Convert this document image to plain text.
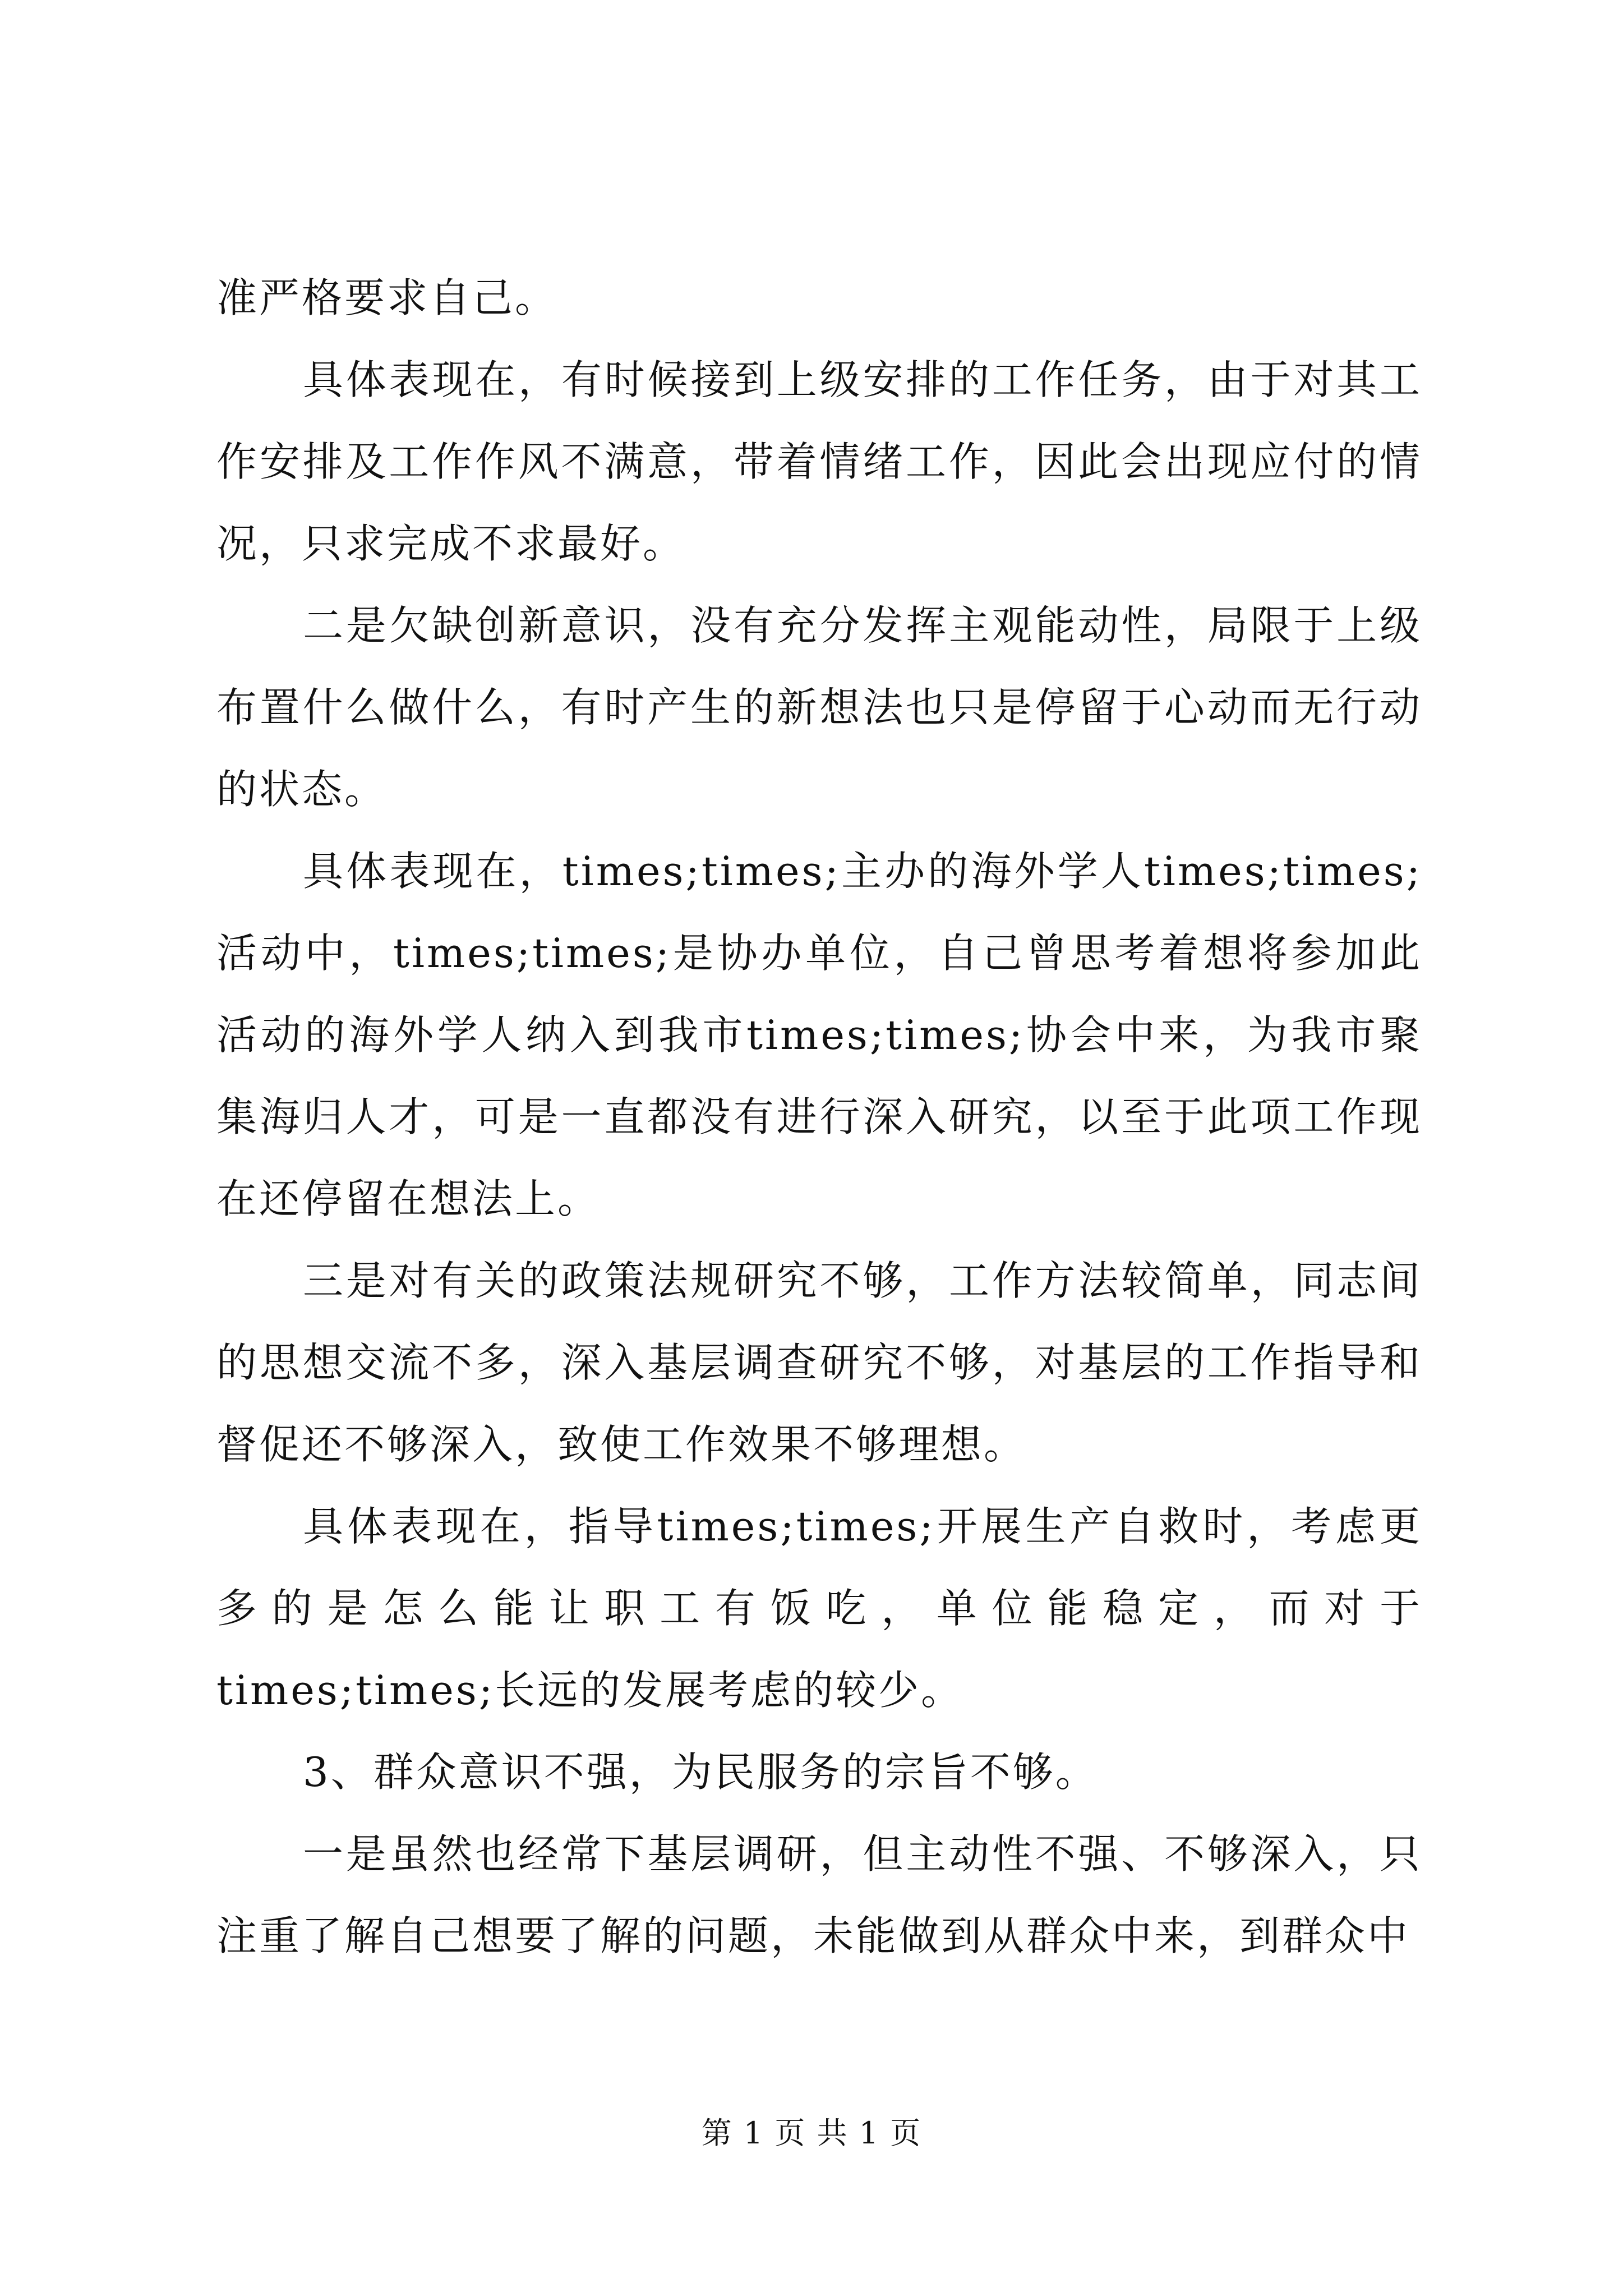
准严格要求自己。

具体表现在，有时候接到上级安排的工作任务，由于对其工作安排及工作作风不满意，带着情绪工作，因此会出现应付的情况，只求完成不求最好。

二是欠缺创新意识，没有充分发挥主观能动性，局限于上级布置什么做什么，有时产生的新想法也只是停留于心动而无行动的状态。

具体表现在，times;times;主办的海外学人times;times;活动中，times;times;是协办单位，自己曾思考着想将参加此活动的海外学人纳入到我市times;times;协会中来，为我市聚集海归人才，可是一直都没有进行深入研究，以至于此项工作现在还停留在想法上。

三是对有关的政策法规研究不够，工作方法较简单，同志间的思想交流不多，深入基层调查研究不够，对基层的工作指导和督促还不够深入，致使工作效果不够理想。

具体表现在，指导times;times;开展生产自救时，考虑更多的是怎么能让职工有饭吃，单位能稳定，而对于times;times;长远的发展考虑的较少。

3、群众意识不强，为民服务的宗旨不够。

一是虽然也经常下基层调研，但主动性不强、不够深入，只注重了解自己想要了解的问题，未能做到从群众中来，到群众中

第 1 页 共 1 页
